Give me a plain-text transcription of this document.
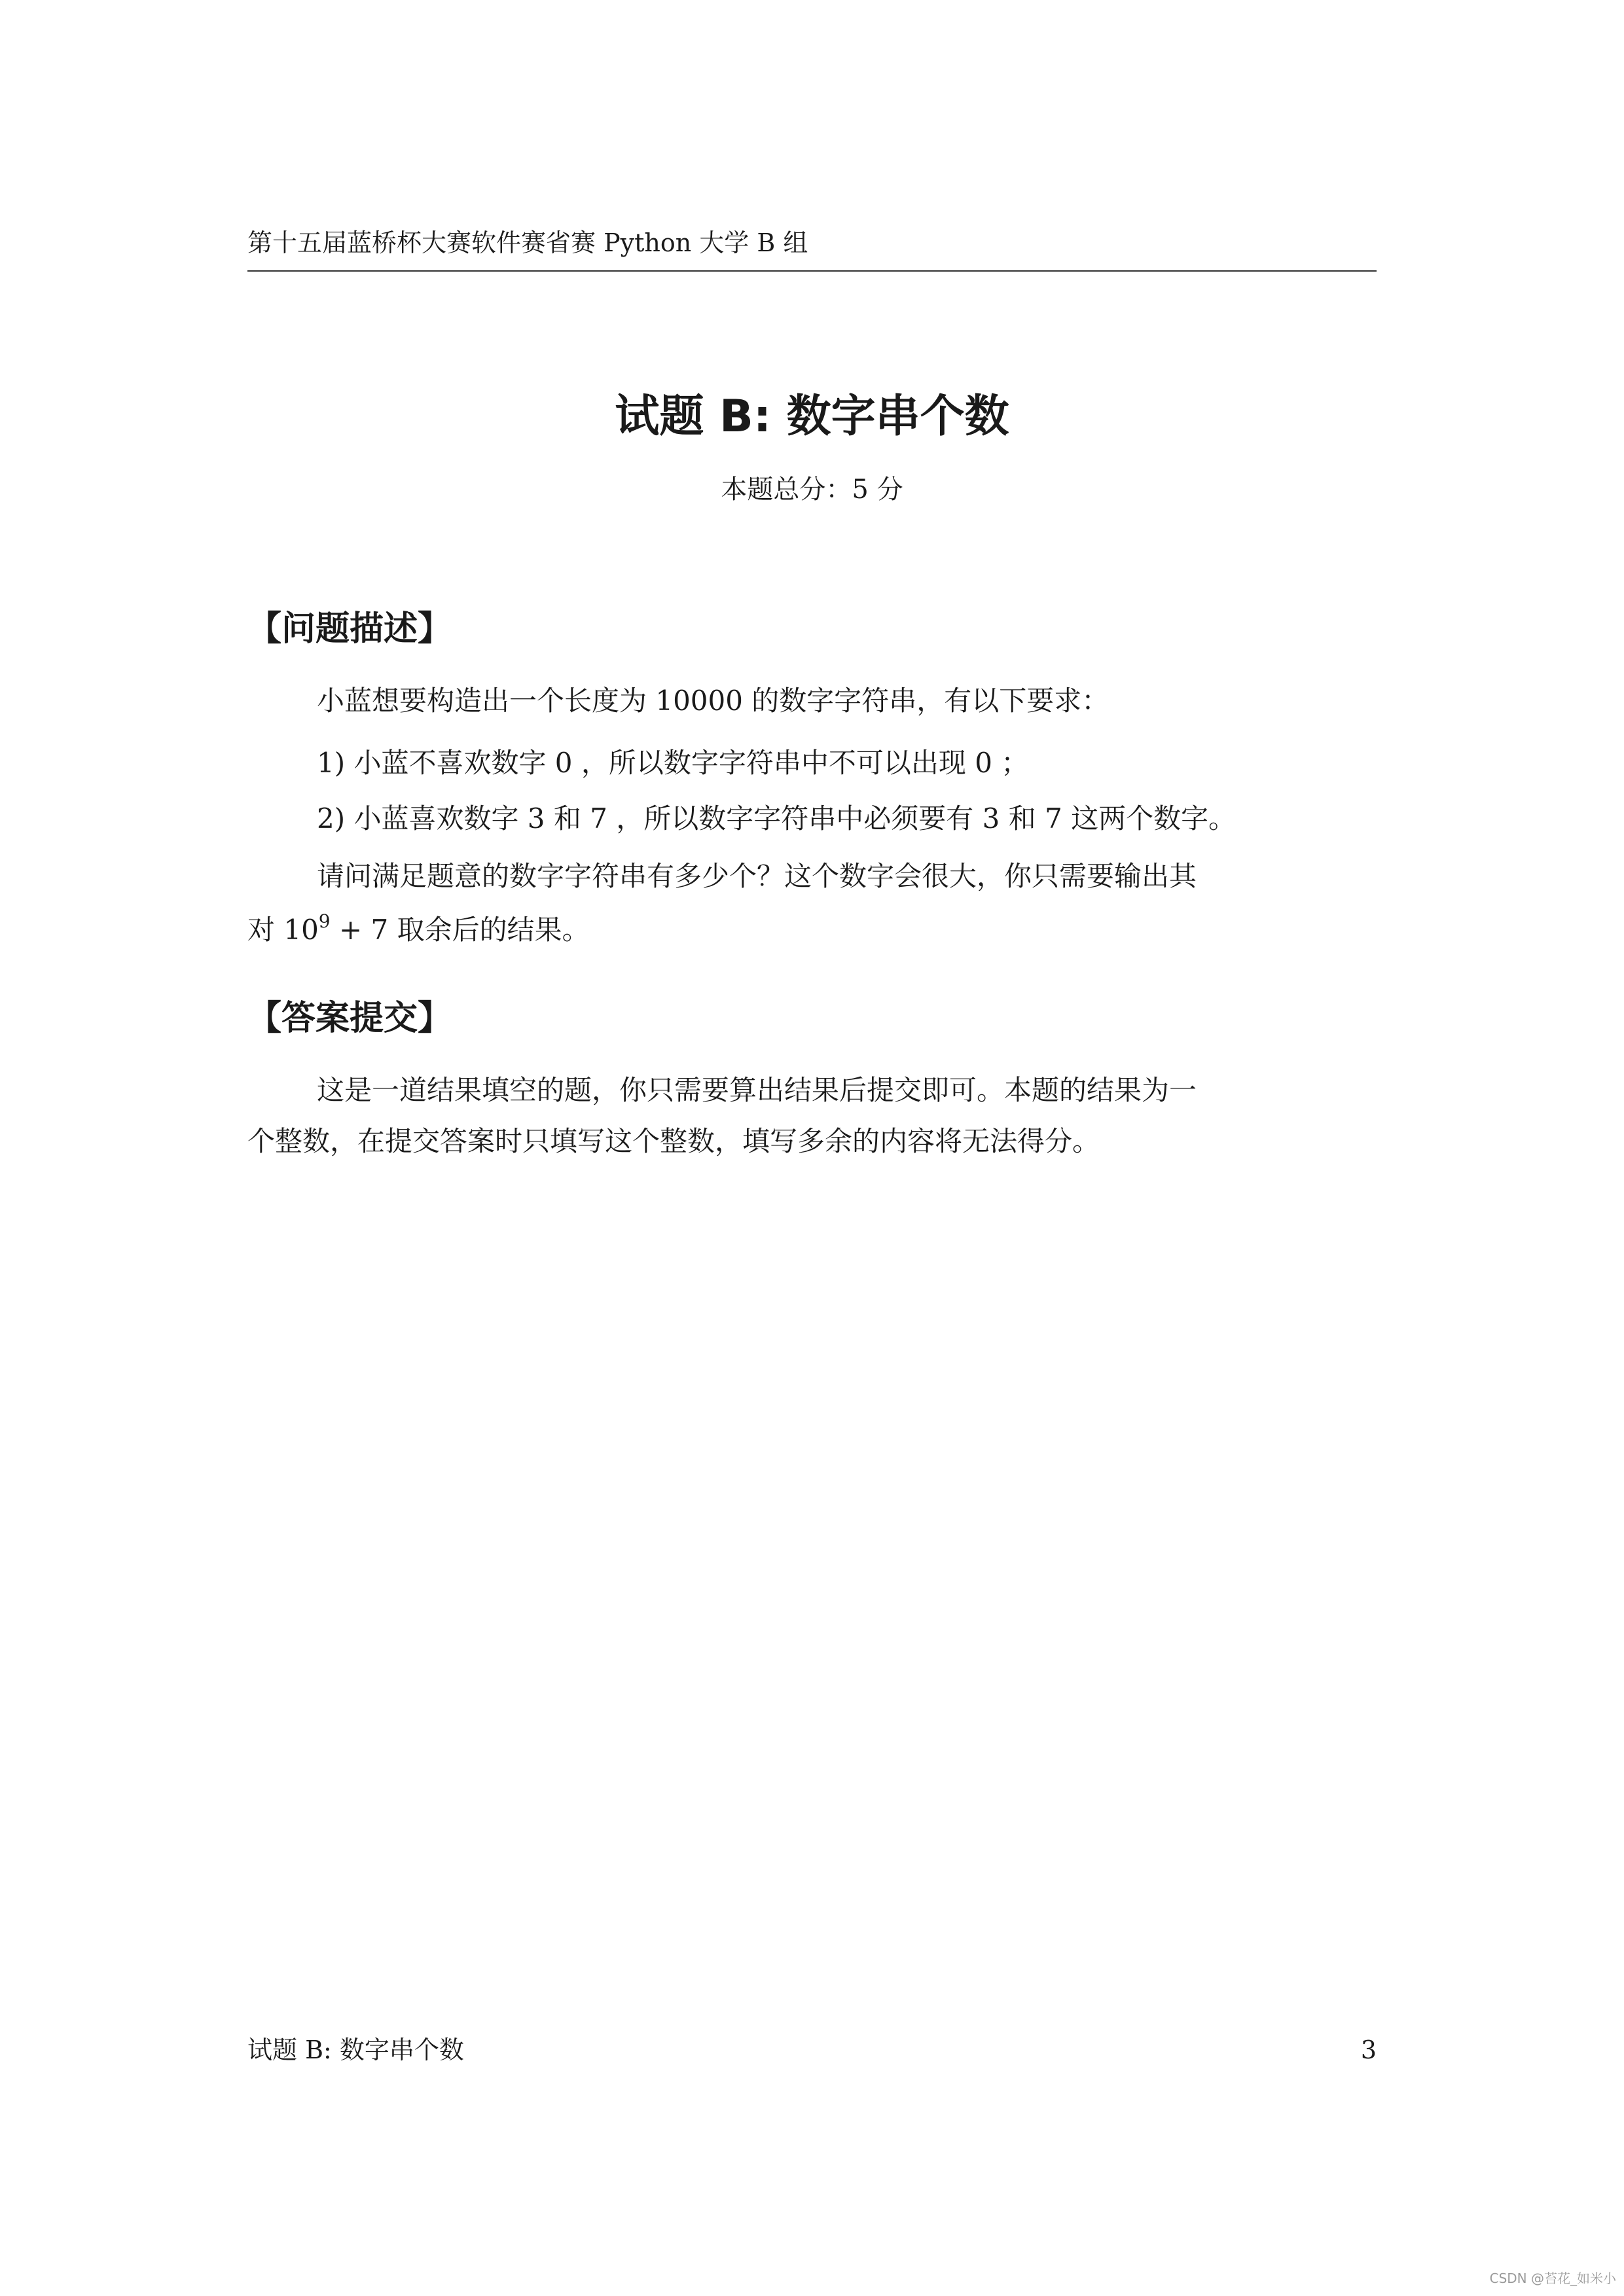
第十五届蓝桥杯大赛软件赛省赛 Python 大学 B 组
试题 B: 数字串个数
本题总分：5 分
【问题描述】
小蓝想要构造出一个长度为 10000 的数字字符串，有以下要求：
1) 小蓝不喜欢数字 0 ，所以数字字符串中不可以出现 0 ；
2) 小蓝喜欢数字 3 和 7 ，所以数字字符串中必须要有 3 和 7 这两个数字。
请问满足题意的数字字符串有多少个？这个数字会很大，你只需要输出其
对 $10^9 + 7$ 取余后的结果。
【答案提交】
这是一道结果填空的题，你只需要算出结果后提交即可。本题的结果为一
个整数，在提交答案时只填写这个整数，填写多余的内容将无法得分。
试题 B: 数字串个数	3
CSDN @苔花_如米小
